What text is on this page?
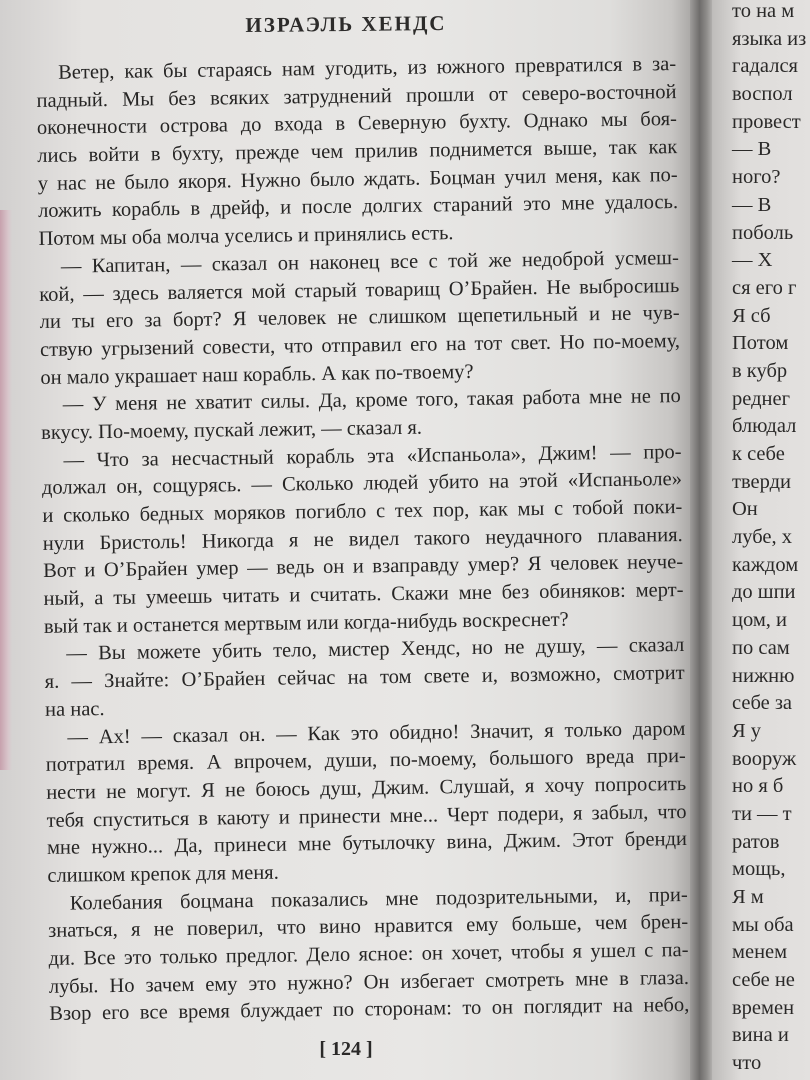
ИЗРАЭЛЬ ХЕНДС
Ветер, как бы стараясь нам угодить, из южного превратился в за-
падный. Мы без всяких затруднений прошли от северо-восточной
оконечности острова до входа в Северную бухту. Однако мы боя-
лись войти в бухту, прежде чем прилив поднимется выше, так как
у нас не было якоря. Нужно было ждать. Боцман учил меня, как по-
ложить корабль в дрейф, и после долгих стараний это мне удалось.
Потом мы оба молча уселись и принялись есть.
— Капитан, — сказал он наконец все с той же недоброй усмеш-
кой, — здесь валяется мой старый товарищ О’Брайен. Не выбросишь
ли ты его за борт? Я человек не слишком щепетильный и не чув-
ствую угрызений совести, что отправил его на тот свет. Но по-моему,
он мало украшает наш корабль. А как по-твоему?
— У меня не хватит силы. Да, кроме того, такая работа мне не по
вкусу. По-моему, пускай лежит, — сказал я.
— Что за несчастный корабль эта «Испаньола», Джим! — про-
должал он, сощурясь. — Сколько людей убито на этой «Испаньоле»
и сколько бедных моряков погибло с тех пор, как мы с тобой поки-
нули Бристоль! Никогда я не видел такого неудачного плавания.
Вот и О’Брайен умер — ведь он и взаправду умер? Я человек неуче-
ный, а ты умеешь читать и считать. Скажи мне без обиняков: мерт-
вый так и останется мертвым или когда-нибудь воскреснет?
— Вы можете убить тело, мистер Хендс, но не душу, — сказал
я. — Знайте: О’Брайен сейчас на том свете и, возможно, смотрит
на нас.
— Ах! — сказал он. — Как это обидно! Значит, я только даром
потратил время. А впрочем, души, по-моему, большого вреда при-
нести не могут. Я не боюсь душ, Джим. Слушай, я хочу попросить
тебя спуститься в каюту и принести мне... Черт подери, я забыл, что
мне нужно... Да, принеси мне бутылочку вина, Джим. Этот бренди
слишком крепок для меня.
Колебания боцмана показались мне подозрительными, и, при-
знаться, я не поверил, что вино нравится ему больше, чем брен-
ди. Все это только предлог. Дело ясное: он хочет, чтобы я ушел с па-
лубы. Но зачем ему это нужно? Он избегает смотреть мне в глаза.
Взор его все время блуждает по сторонам: то он поглядит на небо,
[ 124 ]
то на м
языка из
гадался
воспол
провест
— В
ного?
— В
поболь
— Х
ся его г
Я сб
Потом
в кубр
реднег
блюдал
к себе
тверди
Он
лубе, х
каждом
до шпи
цом, и
по сам
нижню
себе за
Я у
вооруж
но я б
ти — т
ратов
мощь,
Я м
мы оба
менем
себе не
времен
вина и
что
